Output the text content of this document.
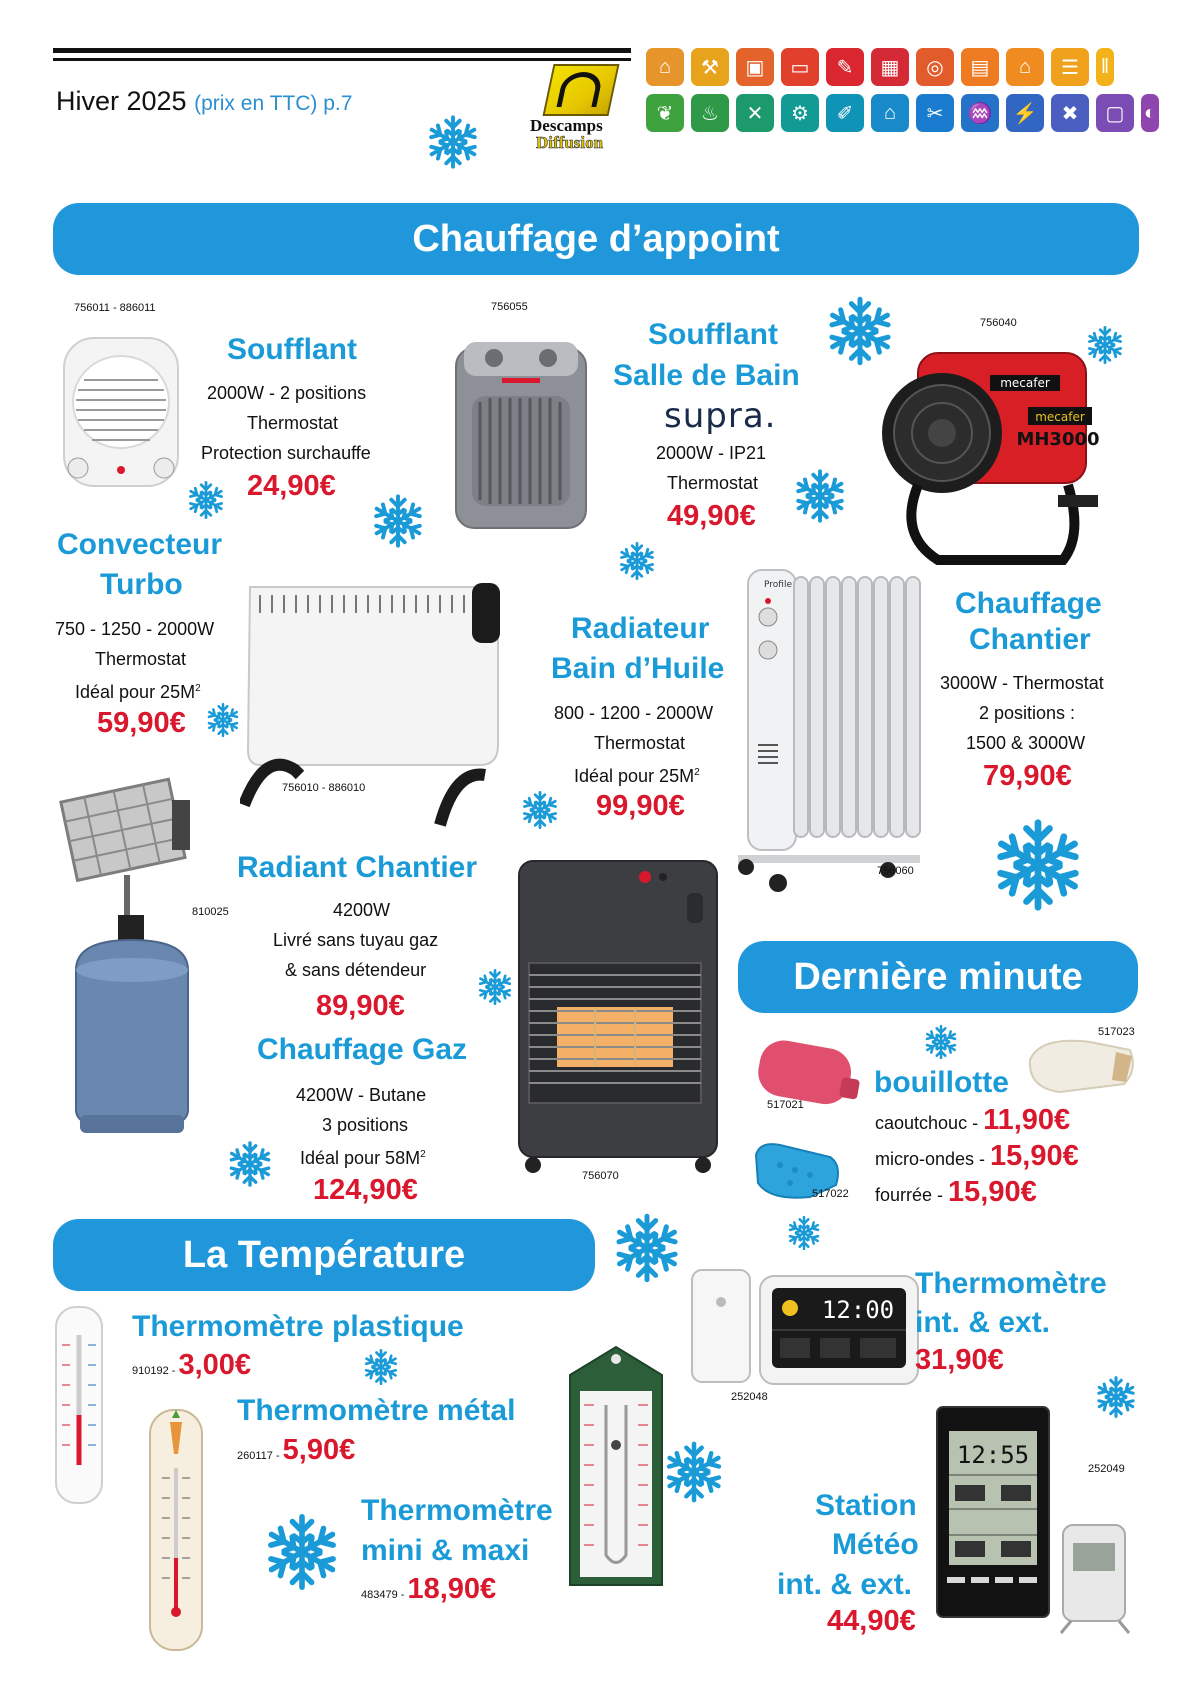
Hiver 2025 (prix en TTC) p.7
Descamps
Diffusion
⌂	⚒	▣	▭	✎	▦	◎	▤	⌂	☰	‖
❦	♨	✕	⚙	✐	⌂	✂	♒	⚡	✖	▢ ◐
Chauffage d’appoint
756011 - 886011
Soufflant
2000W - 2 positions
Thermostat
Protection surchauffe
24,90€
756055
Soufflant
Salle de Bain
supra.
2000W - IP21
Thermostat
49,90€
756040
mecafer
mecafer
MH3000
Convecteur
Turbo
750 - 1250 - 2000W
Thermostat
Idéal pour $25M^2$
59,90€
756010 - 886010
Radiateur
Bain d’Huile
800 - 1200 - 2000W
Thermostat
Idéal pour $25M^2$
99,90€
Profile
756060
Chauffage
Chantier
3000W - Thermostat
2 positions :
1500 & 3000W
79,90€
810025
Radiant Chantier
4200W
Livré sans tuyau gaz
& sans détendeur
89,90€
Chauffage Gaz
4200W - Butane
3 positions
Idéal pour $58M^2$
124,90€	756070
Dernière minute
517021
517022
517023
bouillotte
caoutchouc - 11,90€
micro-ondes - 15,90€
fourrée - 15,90€
La Température
Thermomètre plastique
910192 - 3,00€
Thermomètre métal
260117 - 5,90€
Thermomètre
mini & maxi
483479 - 18,90€
12:00
252048
Thermomètre
int. & ext.
31,90€
252049
12:55
Station
Météo
int. & ext.
44,90€
